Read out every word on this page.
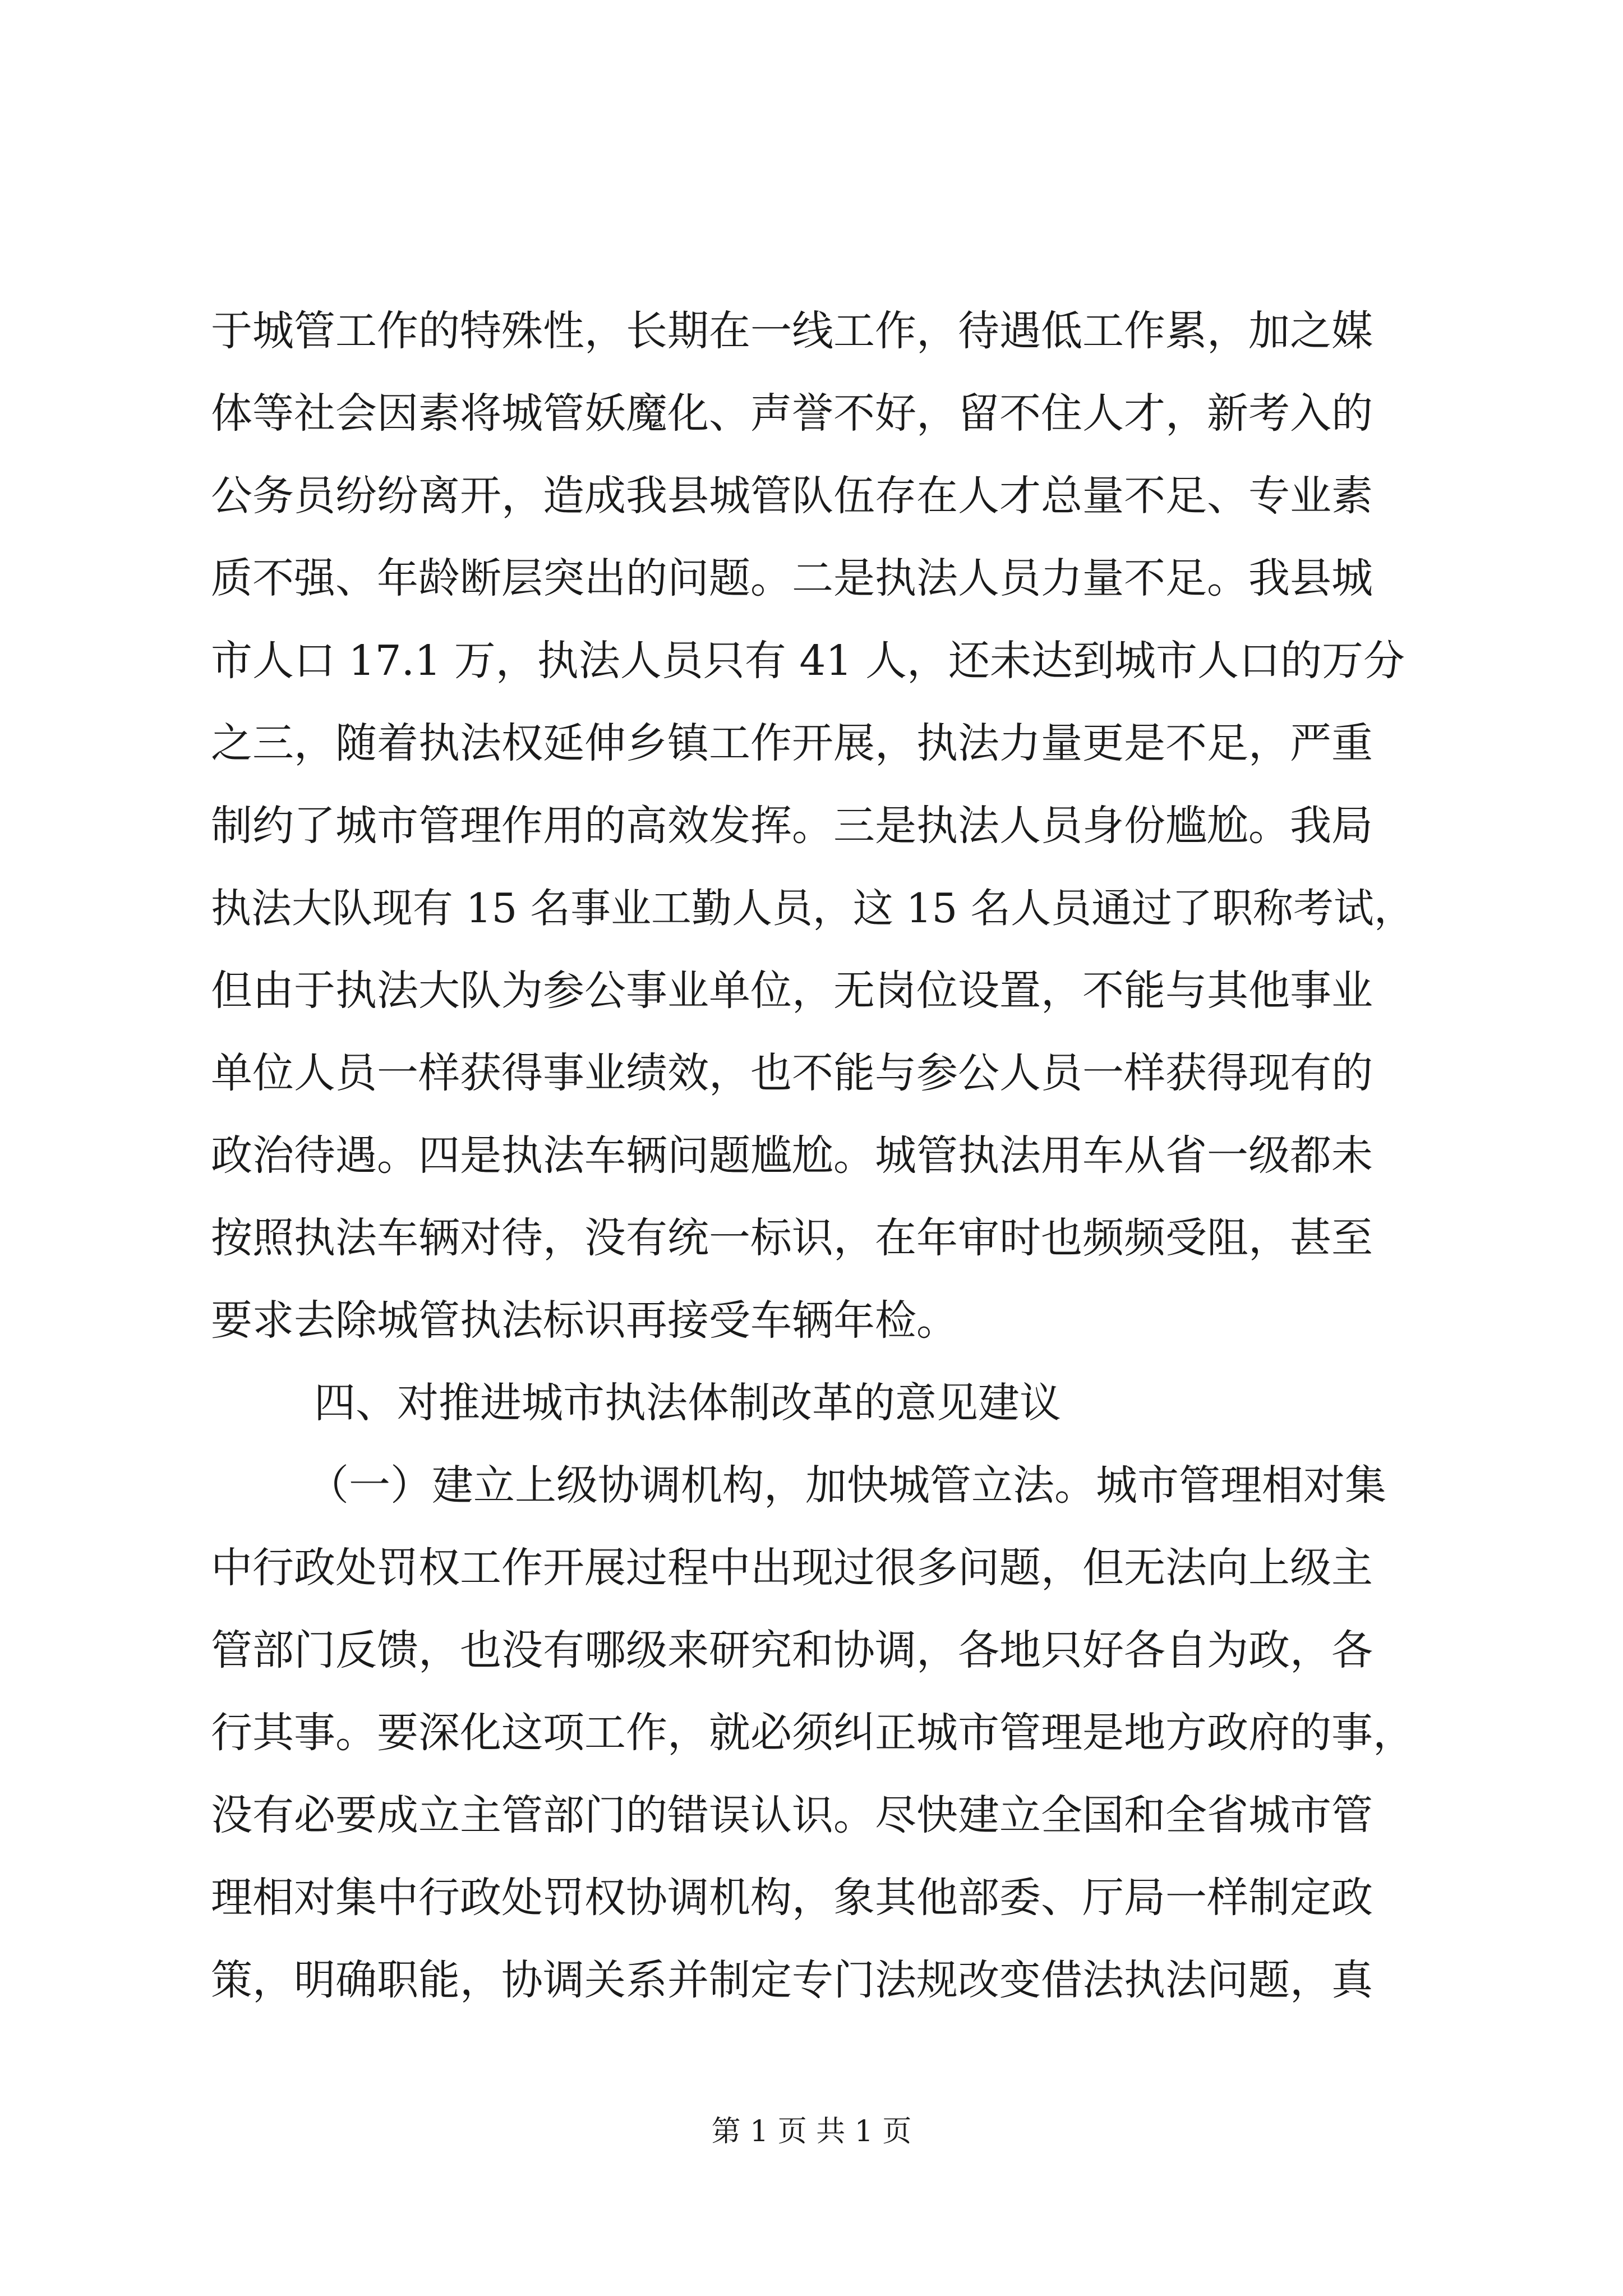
于城管工作的特殊性，长期在一线工作，待遇低工作累，加之媒
体等社会因素将城管妖魔化、声誉不好，留不住人才，新考入的
公务员纷纷离开，造成我县城管队伍存在人才总量不足、专业素
质不强、年龄断层突出的问题。二是执法人员力量不足。我县城
市人口 17.1 万，执法人员只有 41 人，还未达到城市人口的万分
之三，随着执法权延伸乡镇工作开展，执法力量更是不足，严重
制约了城市管理作用的高效发挥。三是执法人员身份尴尬。我局
执法大队现有 15 名事业工勤人员，这 15 名人员通过了职称考试，
但由于执法大队为参公事业单位，无岗位设置，不能与其他事业
单位人员一样获得事业绩效，也不能与参公人员一样获得现有的
政治待遇。四是执法车辆问题尴尬。城管执法用车从省一级都未
按照执法车辆对待，没有统一标识，在年审时也频频受阻，甚至
要求去除城管执法标识再接受车辆年检。
四、对推进城市执法体制改革的意见建议
（一）建立上级协调机构，加快城管立法。城市管理相对集
中行政处罚权工作开展过程中出现过很多问题，但无法向上级主
管部门反馈，也没有哪级来研究和协调，各地只好各自为政，各
行其事。要深化这项工作，就必须纠正城市管理是地方政府的事，
没有必要成立主管部门的错误认识。尽快建立全国和全省城市管
理相对集中行政处罚权协调机构，象其他部委、厅局一样制定政
策，明确职能，协调关系并制定专门法规改变借法执法问题，真
第 1 页 共 1 页
